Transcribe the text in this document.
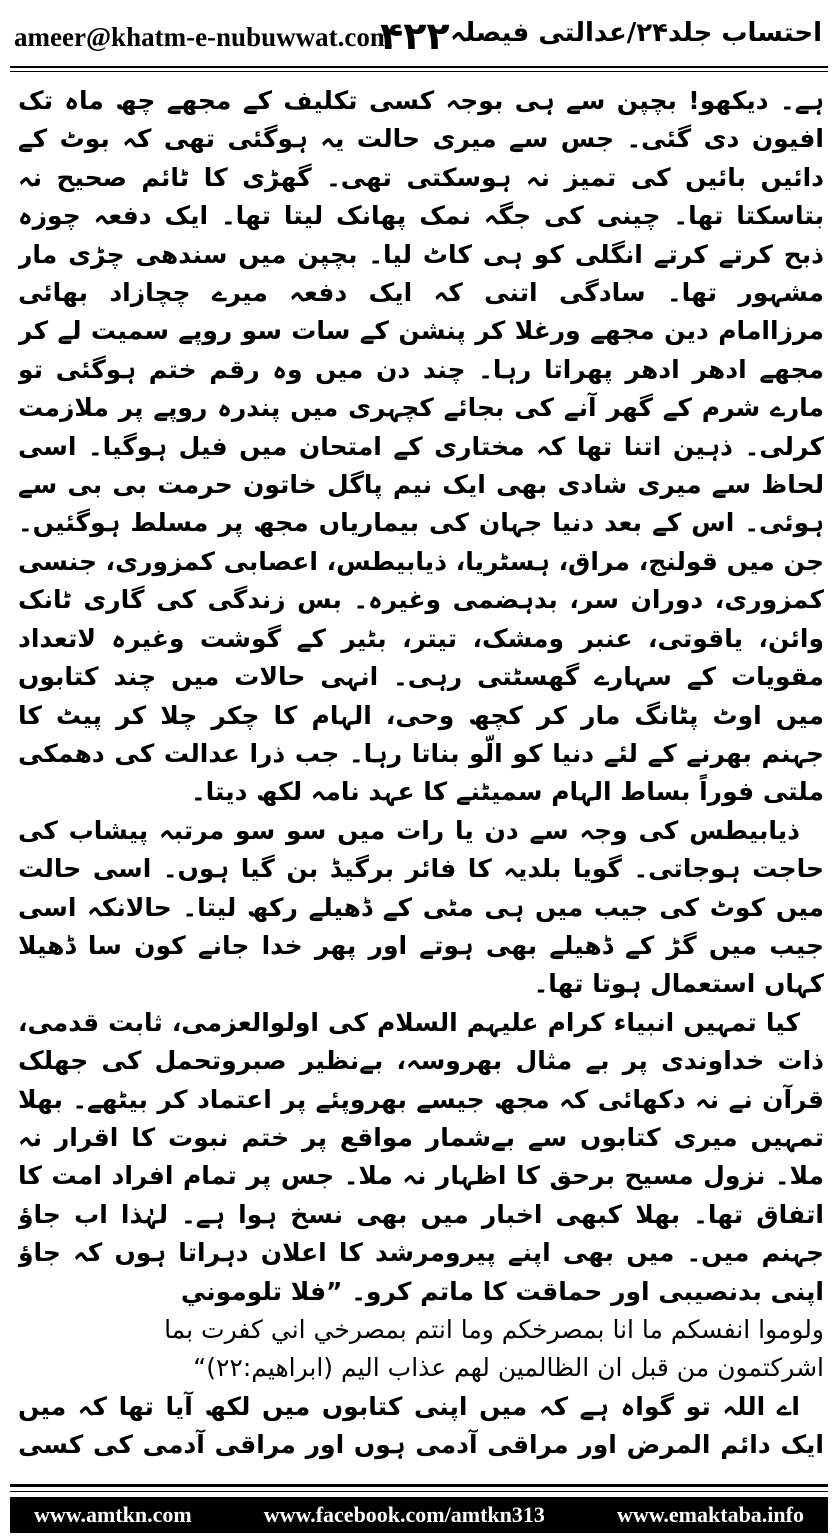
ameer@khatm-e-nubuwwat.com
۴۲۲ احتساب جلد۲۴/عدالتی فیصلہ

ہے۔ دیکھو! بچپن سے ہی بوجہ کسی تکلیف کے مجھے چھ ماہ تک افیون دی گئی۔ جس سے میری حالت یہ ہوگئی تھی کہ بوٹ کے دائیں بائیں کی تمیز نہ ہوسکتی تھی۔ گھڑی کا ٹائم صحیح نہ بتاسکتا تھا۔ چینی کی جگہ نمک پھانک لیتا تھا۔ ایک دفعہ چوزہ ذبح کرتے کرتے انگلی کو ہی کاٹ لیا۔ بچپن میں سندھی چڑی مار مشہور تھا۔ سادگی اتنی کہ ایک دفعہ میرے چچازاد بھائی مرزاامام دین مجھے ورغلا کر پنشن کے سات سو روپے سمیت لے کر مجھے ادھر ادھر پھراتا رہا۔ چند دن میں وہ رقم ختم ہوگئی تو مارے شرم کے گھر آنے کی بجائے کچہری میں پندرہ روپے پر ملازمت کرلی۔ ذہین اتنا تھا کہ مختاری کے امتحان میں فیل ہوگیا۔ اسی لحاظ سے میری شادی بھی ایک نیم پاگل خاتون حرمت بی بی سے ہوئی۔ اس کے بعد دنیا جہان کی بیماریاں مجھ پر مسلط ہوگئیں۔ جن میں قولنج، مراق، ہسٹریا، ذیابیطس، اعصابی کمزوری، جنسی کمزوری، دوران سر، بدہضمی وغیرہ۔ بس زندگی کی گاری ٹانک وائن، یاقوتی، عنبر ومشک، تیتر، بٹیر کے گوشت وغیرہ لاتعداد مقویات کے سہارے گھسٹتی رہی۔ انہی حالات میں چند کتابوں میں اوٹ پٹانگ مار کر کچھ وحی، الہام کا چکر چلا کر پیٹ کا جہنم بھرنے کے لئے دنیا کو الّو بناتا رہا۔ جب ذرا عدالت کی دھمکی ملتی فوراً بساط الہام سمیٹنے کا عہد نامہ لکھ دیتا۔

ذیابیطس کی وجہ سے دن یا رات میں سو سو مرتبہ پیشاب کی حاجت ہوجاتی۔ گویا بلدیہ کا فائر برگیڈ بن گیا ہوں۔ اسی حالت میں کوٹ کی جیب میں ہی مٹی کے ڈھیلے رکھ لیتا۔ حالانکہ اسی جیب میں گڑ کے ڈھیلے بھی ہوتے اور پھر خدا جانے کون سا ڈھیلا کہاں استعمال ہوتا تھا۔

کیا تمہیں انبیاء کرام علیہم السلام کی اولوالعزمی، ثابت قدمی، ذات خداوندی پر بے مثال بھروسہ، بےنظیر صبروتحمل کی جھلک قرآن نے نہ دکھائی کہ مجھ جیسے بھروپئے پر اعتماد کر بیٹھے۔ بھلا تمہیں میری کتابوں سے بےشمار مواقع پر ختم نبوت کا اقرار نہ ملا۔ نزول مسیح برحق کا اظہار نہ ملا۔ جس پر تمام افراد امت کا اتفاق تھا۔ بھلا کبھی اخبار میں بھی نسخ ہوا ہے۔ لہٰذا اب جاؤ جہنم میں۔ میں بھی اپنے پیرومرشد کا اعلان دہراتا ہوں کہ جاؤ اپنی بدنصیبی اور حماقت کا ماتم کرو۔ ”فلا تلوموني

ولوموا انفسكم ما انا بمصرخكم وما انتم بمصرخي اني كفرت بما

اشركتمون من قبل ان الظالمين لهم عذاب اليم (ابراهيم:۲۲)“

اے اللہ تو گواہ ہے کہ میں اپنی کتابوں میں لکھ آیا تھا کہ میں ایک دائم المرض اور مراقی آدمی ہوں اور مراقی آدمی کی کسی

www.amtkn.com	www.facebook.com/amtkn313	www.emaktaba.info
